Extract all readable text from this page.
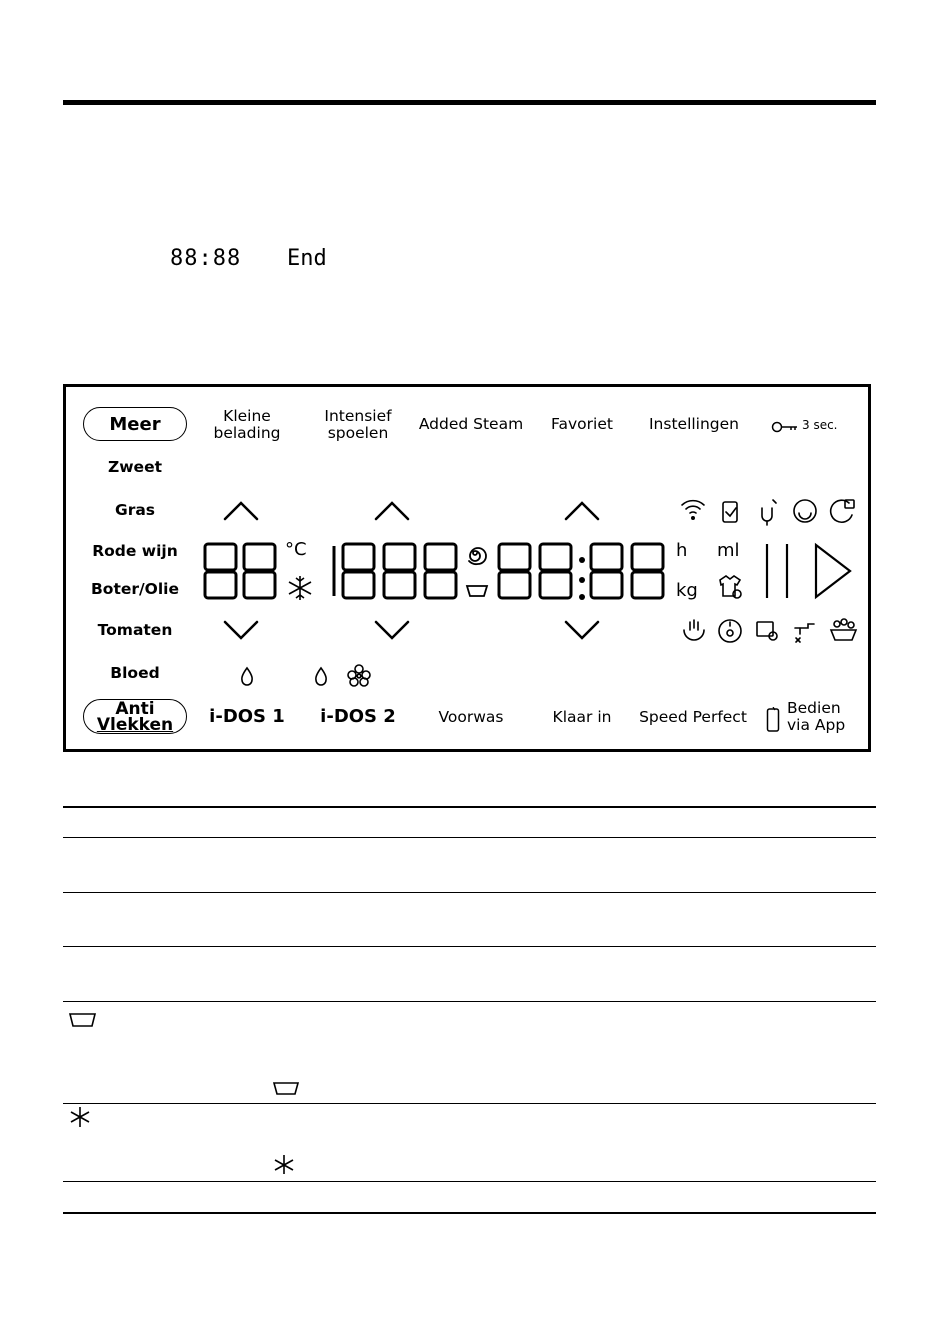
88:88 End
Meer
Zweet
Gras
Rode wijn
Boter/Olie
Tomaten
Bloed
Anti
Vlekken
Kleine
belading
Intensief
spoelen	Added Steam	Favoriet	Instellingen	3 sec.
i-DOS 1	i-DOS 2	Voorwas	Klaar in	Speed Perfect	Bedien
via App
°C	h ml
kg
